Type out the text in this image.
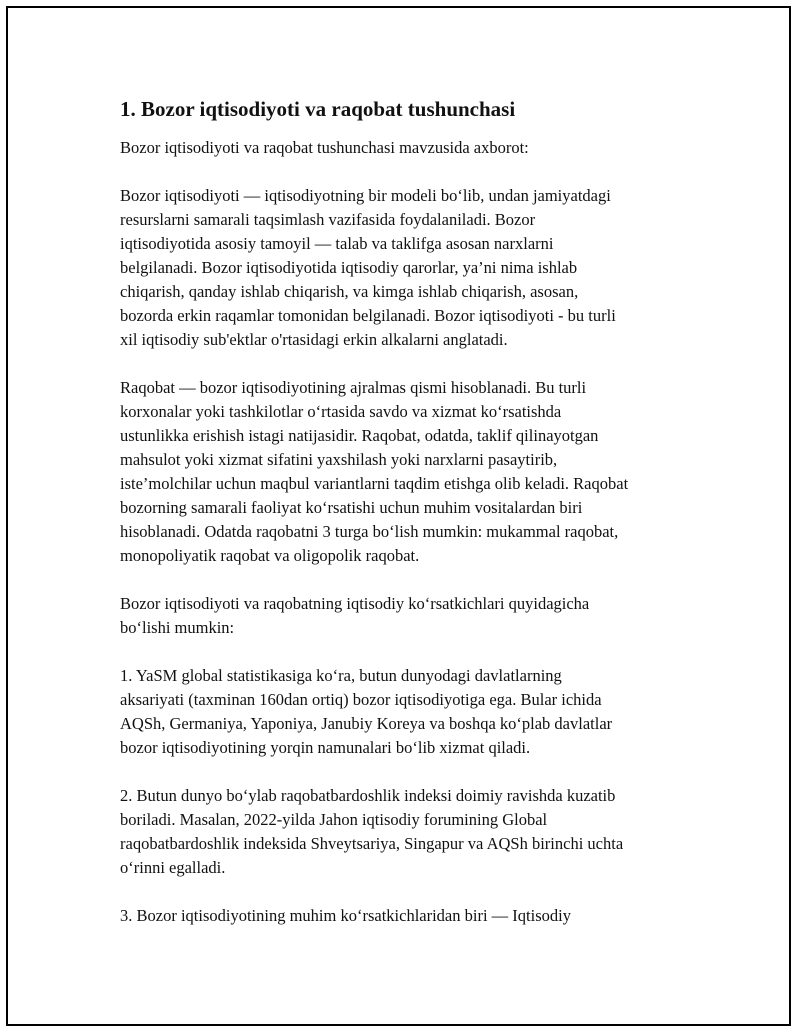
1. Bozor iqtisodiyoti va raqobat tushunchasi

Bozor iqtisodiyoti va raqobat tushunchasi mavzusida axborot:

Bozor iqtisodiyoti — iqtisodiyotning bir modeli boʻlib, undan jamiyatdagi
resurslarni samarali taqsimlash vazifasida foydalaniladi. Bozor
iqtisodiyotida asosiy tamoyil — talab va taklifga asosan narxlarni
belgilanadi. Bozor iqtisodiyotida iqtisodiy qarorlar, ya’ni nima ishlab
chiqarish, qanday ishlab chiqarish, va kimga ishlab chiqarish, asosan,
bozorda erkin raqamlar tomonidan belgilanadi. Bozor iqtisodiyoti - bu turli
xil iqtisodiy sub'ektlar o'rtasidagi erkin alkalarni anglatadi.

Raqobat — bozor iqtisodiyotining ajralmas qismi hisoblanadi. Bu turli
korxonalar yoki tashkilotlar oʻrtasida savdo va xizmat koʻrsatishda
ustunlikka erishish istagi natijasidir. Raqobat, odatda, taklif qilinayotgan
mahsulot yoki xizmat sifatini yaxshilash yoki narxlarni pasaytirib,
iste’molchilar uchun maqbul variantlarni taqdim etishga olib keladi. Raqobat
bozorning samarali faoliyat koʻrsatishi uchun muhim vositalardan biri
hisoblanadi. Odatda raqobatni 3 turga boʻlish mumkin: mukammal raqobat,
monopoliyatik raqobat va oligopolik raqobat.

Bozor iqtisodiyoti va raqobatning iqtisodiy koʻrsatkichlari quyidagicha
boʻlishi mumkin:

1. YaSM global statistikasiga koʻra, butun dunyodagi davlatlarning
aksariyati (taxminan 160dan ortiq) bozor iqtisodiyotiga ega. Bular ichida
AQSh, Germaniya, Yaponiya, Janubiy Koreya va boshqa koʻplab davlatlar
bozor iqtisodiyotining yorqin namunalari boʻlib xizmat qiladi.

2. Butun dunyo boʻylab raqobatbardoshlik indeksi doimiy ravishda kuzatib
boriladi. Masalan, 2022-yilda Jahon iqtisodiy forumining Global
raqobatbardoshlik indeksida Shveytsariya, Singapur va AQSh birinchi uchta
oʻrinni egalladi.

3. Bozor iqtisodiyotining muhim koʻrsatkichlaridan biri — Iqtisodiy
